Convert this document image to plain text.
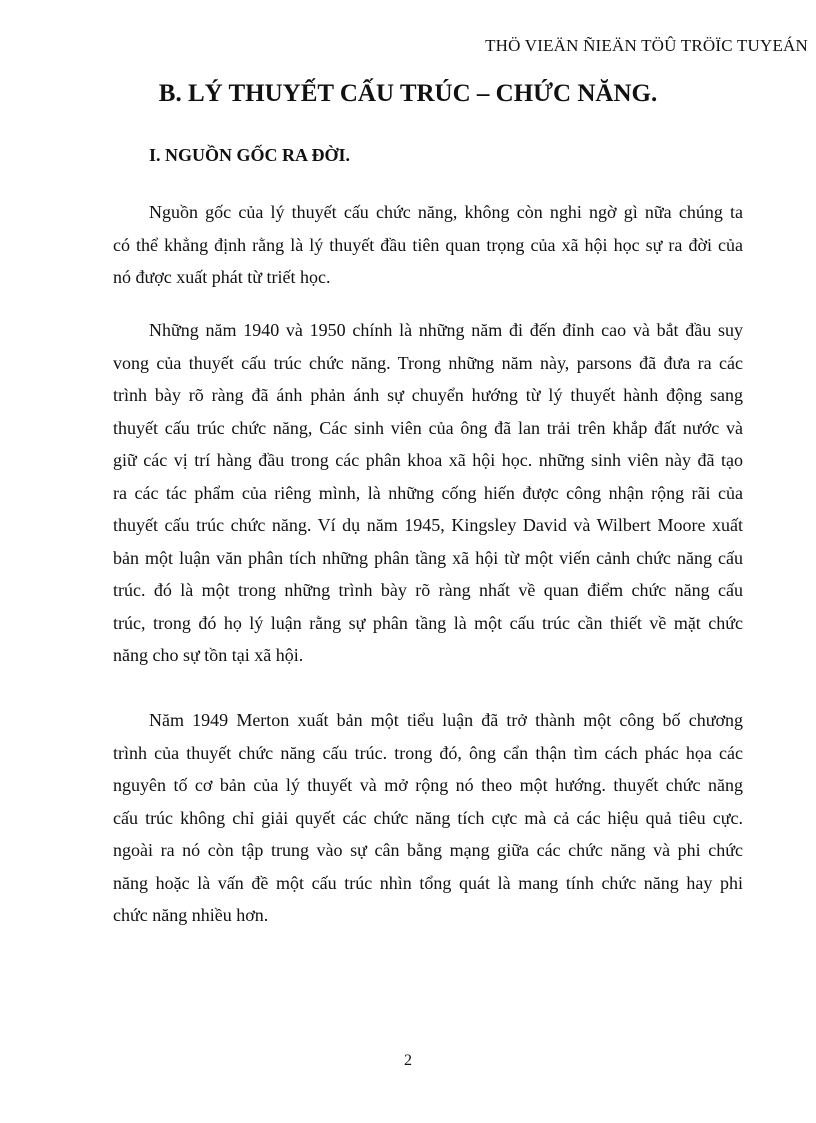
THÖ VIEÄN ÑIEÄN TÖÛ TRÖÏC TUYEÁN
B. LÝ THUYẾT CẤU TRÚC – CHỨC NĂNG.
I. NGUỒN GỐC RA ĐỜI.
Nguồn gốc của lý thuyết cấu chức năng, không còn nghi ngờ gì nữa chúng ta
có thể khẳng định rằng là lý thuyết đầu tiên quan trọng của xã hội học sự ra đời của
nó được xuất phát từ triết học.
Những năm 1940 và 1950 chính là những năm đi đến đỉnh cao và bắt đầu suy
vong của thuyết cấu trúc chức năng. Trong những năm này, parsons đã đưa ra các
trình bày rõ ràng đã ánh phản ánh sự chuyển hướng từ lý thuyết hành động sang
thuyết cấu trúc chức năng, Các sinh viên của ông đã lan trải trên khắp đất nước và
giữ các vị trí hàng đầu trong các phân khoa xã hội học. những sinh viên này đã tạo
ra các tác phẩm của riêng mình, là những cống hiến được công nhận rộng rãi của
thuyết cấu trúc chức năng. Ví dụ năm 1945, Kingsley David và Wilbert Moore xuất
bản một luận văn phân tích những phân tầng xã hội từ một viến cảnh chức năng cấu
trúc. đó là một trong những trình bày rõ ràng nhất về quan điểm chức năng cấu
trúc, trong đó họ lý luận rằng sự phân tầng là một cấu trúc cần thiết về mặt chức
năng cho sự tồn tại xã hội.
Năm 1949 Merton xuất bản một tiểu luận đã trở thành một công bố chương
trình của thuyết chức năng cấu trúc. trong đó, ông cẩn thận tìm cách phác họa các
nguyên tố cơ bản của lý thuyết và mở rộng nó theo một hướng. thuyết chức năng
cấu trúc không chỉ giải quyết các chức năng tích cực mà cả các hiệu quả tiêu cực.
ngoài ra nó còn tập trung vào sự cân bằng mạng giữa các chức năng và phi chức
năng hoặc là vấn đề một cấu trúc nhìn tổng quát là mang tính chức năng hay phi
chức năng nhiều hơn.
2
